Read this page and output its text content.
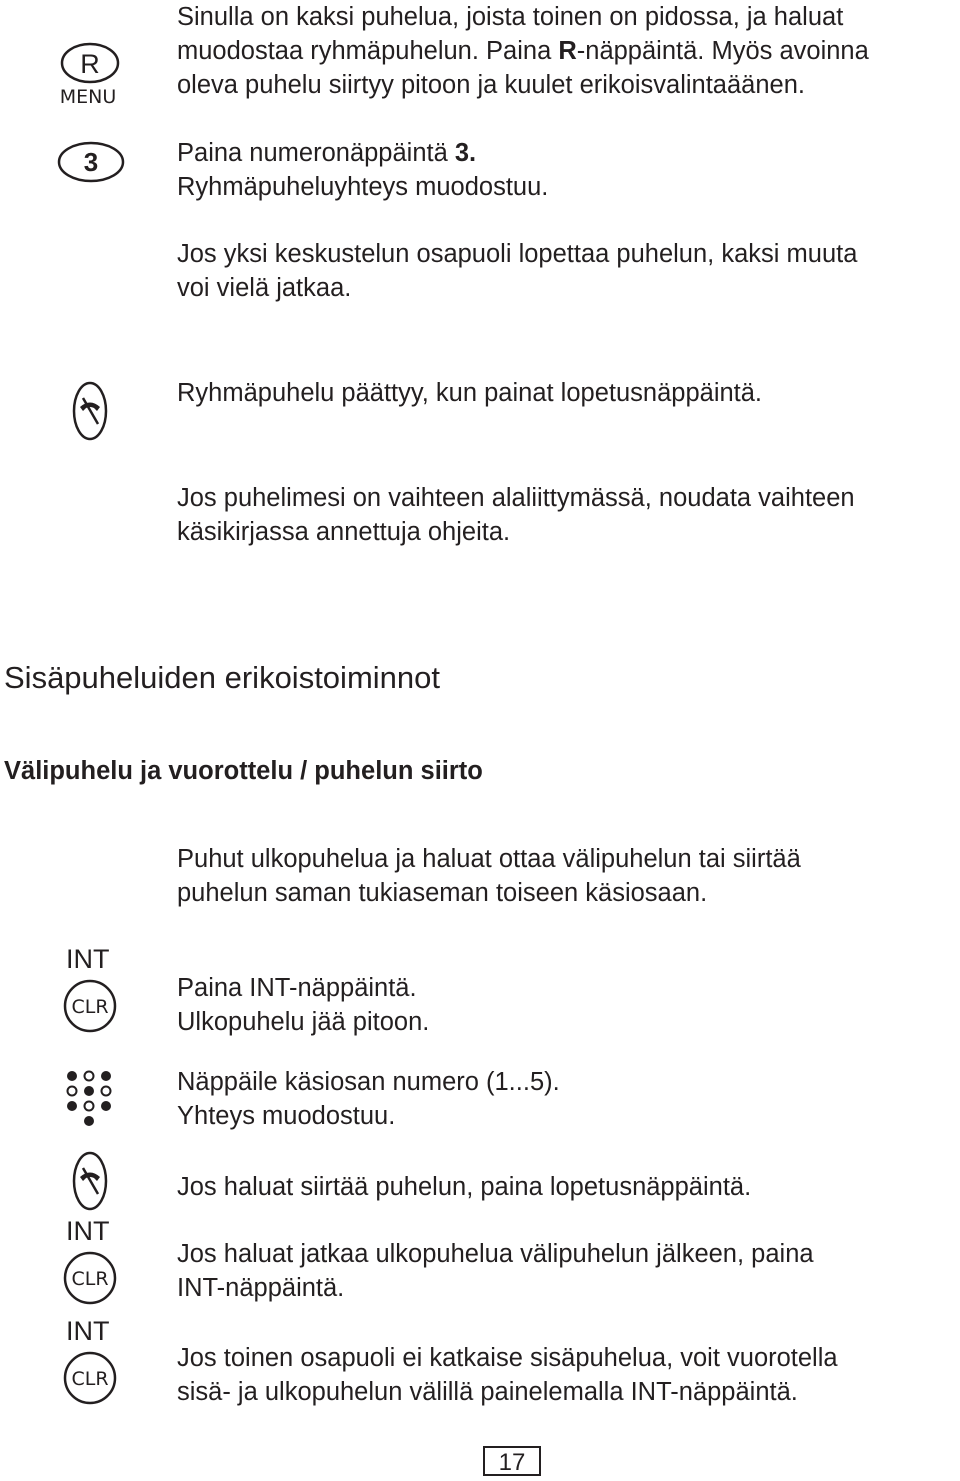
R
MENU

Sinulla on kaksi puhelua, joista toinen on pidossa, ja haluat
muodostaa ryhmäpuhelun. Paina R-näppäintä. Myös avoinna
oleva puhelu siirtyy pitoon ja kuulet erikoisvalintaäänen.

3	Paina numeronäppäintä 3.
Ryhmäpuheluyhteys muodostuu.

Jos yksi keskustelun osapuoli lopettaa puhelun, kaksi muuta
voi vielä jatkaa.

Ryhmäpuhelu päättyy, kun painat lopetusnäppäintä.

Jos puhelimesi on vaihteen alaliittymässä, noudata vaihteen
käsikirjassa annettuja ohjeita.

Sisäpuheluiden erikoistoiminnot
Välipuhelu ja vuorottelu / puhelun siirto

Puhut ulkopuhelua ja haluat ottaa välipuhelun tai siirtää
puhelun saman tukiaseman toiseen käsiosaan.

INT
CLR

Paina INT-näppäintä.
Ulkopuhelu jää pitoon.

Näppäile käsiosan numero (1...5).
Yhteys muodostuu.

Jos haluat siirtää puhelun, paina lopetusnäppäintä.

INT
CLR

Jos haluat jatkaa ulkopuhelua välipuhelun jälkeen, paina
INT-näppäintä.

INT
CLR

Jos toinen osapuoli ei katkaise sisäpuhelua, voit vuorotella
sisä- ja ulkopuhelun välillä painelemalla INT-näppäintä.

17
